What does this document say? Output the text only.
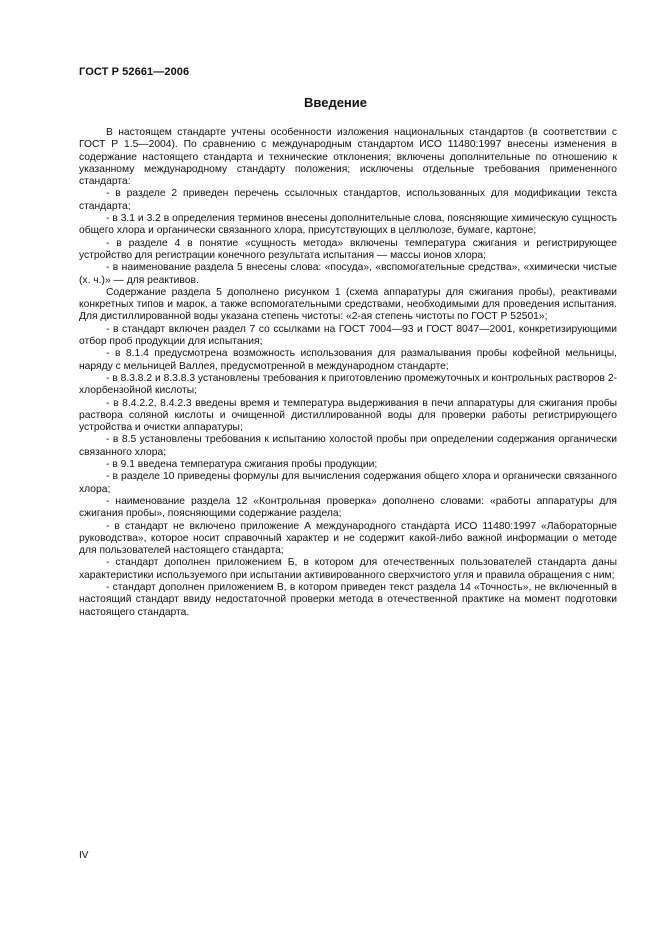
ГОСТ Р 52661—2006
Введение

В настоящем стандарте учтены особенности изложения национальных стандартов (в соответствии с ГОСТ Р 1.5—2004). По сравнению с международным стандартом ИСО 11480:1997 внесены изменения в содержание настоящего стандарта и технические отклонения; включены дополнительные по отношению к указанному международному стандарту положения; исключены отдельные требования примененного стандарта:

- в разделе 2 приведен перечень ссылочных стандартов, использованных для модификации текста стандарта;

- в 3.1 и 3.2 в определения терминов внесены дополнительные слова, поясняющие химическую сущность общего хлора и органически связанного хлора, присутствующих в целлюлозе, бумаге, картоне;

- в разделе 4 в понятие «сущность метода» включены температура сжигания и регистрирующее устройство для регистрации конечного результата испытания — массы ионов хлора;

- в наименование раздела 5 внесены слова: «посуда», «вспомогательные средства», «химически чистые (х. ч.)» — для реактивов.

Содержание раздела 5 дополнено рисунком 1 (схема аппаратуры для сжигания пробы), реактивами конкретных типов и марок, а также вспомогательными средствами, необходимыми для проведения испытания. Для дистиллированной воды указана степень чистоты: «2-ая степень чистоты по ГОСТ Р 52501»;

- в стандарт включен раздел 7 со ссылками на ГОСТ 7004—93 и ГОСТ 8047—2001, конкретизирующими отбор проб продукции для испытания;

- в 8.1.4 предусмотрена возможность использования для размалывания пробы кофейной мельницы, наряду с мельницей Валлея, предусмотренной в международном стандарте;

- в 8.3.8.2 и 8.3.8.3 установлены требования к приготовлению промежуточных и контрольных растворов 2-хлорбензойной кислоты;

- в 8.4.2.2, 8.4.2.3 введены время и температура выдерживания в печи аппаратуры для сжигания пробы раствора соляной кислоты и очищенной дистиллированной воды для проверки работы регистрирующего устройства и очистки аппаратуры;

- в 8.5 установлены требования к испытанию холостой пробы при определении содержания органически связанного хлора;

- в 9.1 введена температура сжигания пробы продукции;

- в разделе 10 приведены формулы для вычисления содержания общего хлора и органически связанного хлора;

- наименование раздела 12 «Контрольная проверка» дополнено словами: «работы аппаратуры для сжигания пробы», поясняющими содержание раздела;

- в стандарт не включено приложение А международного стандарта ИСО 11480:1997 «Лабораторные руководства», которое носит справочный характер и не содержит какой-либо важной информации о методе для пользователей настоящего стандарта;

- стандарт дополнен приложением Б, в котором для отечественных пользователей стандарта даны характеристики используемого при испытании активированного сверхчистого угля и правила обращения с ним;

- стандарт дополнен приложением В, в котором приведен текст раздела 14 «Точность», не включенный в настоящий стандарт ввиду недостаточной проверки метода в отечественной практике на момент подготовки настоящего стандарта.

IV
